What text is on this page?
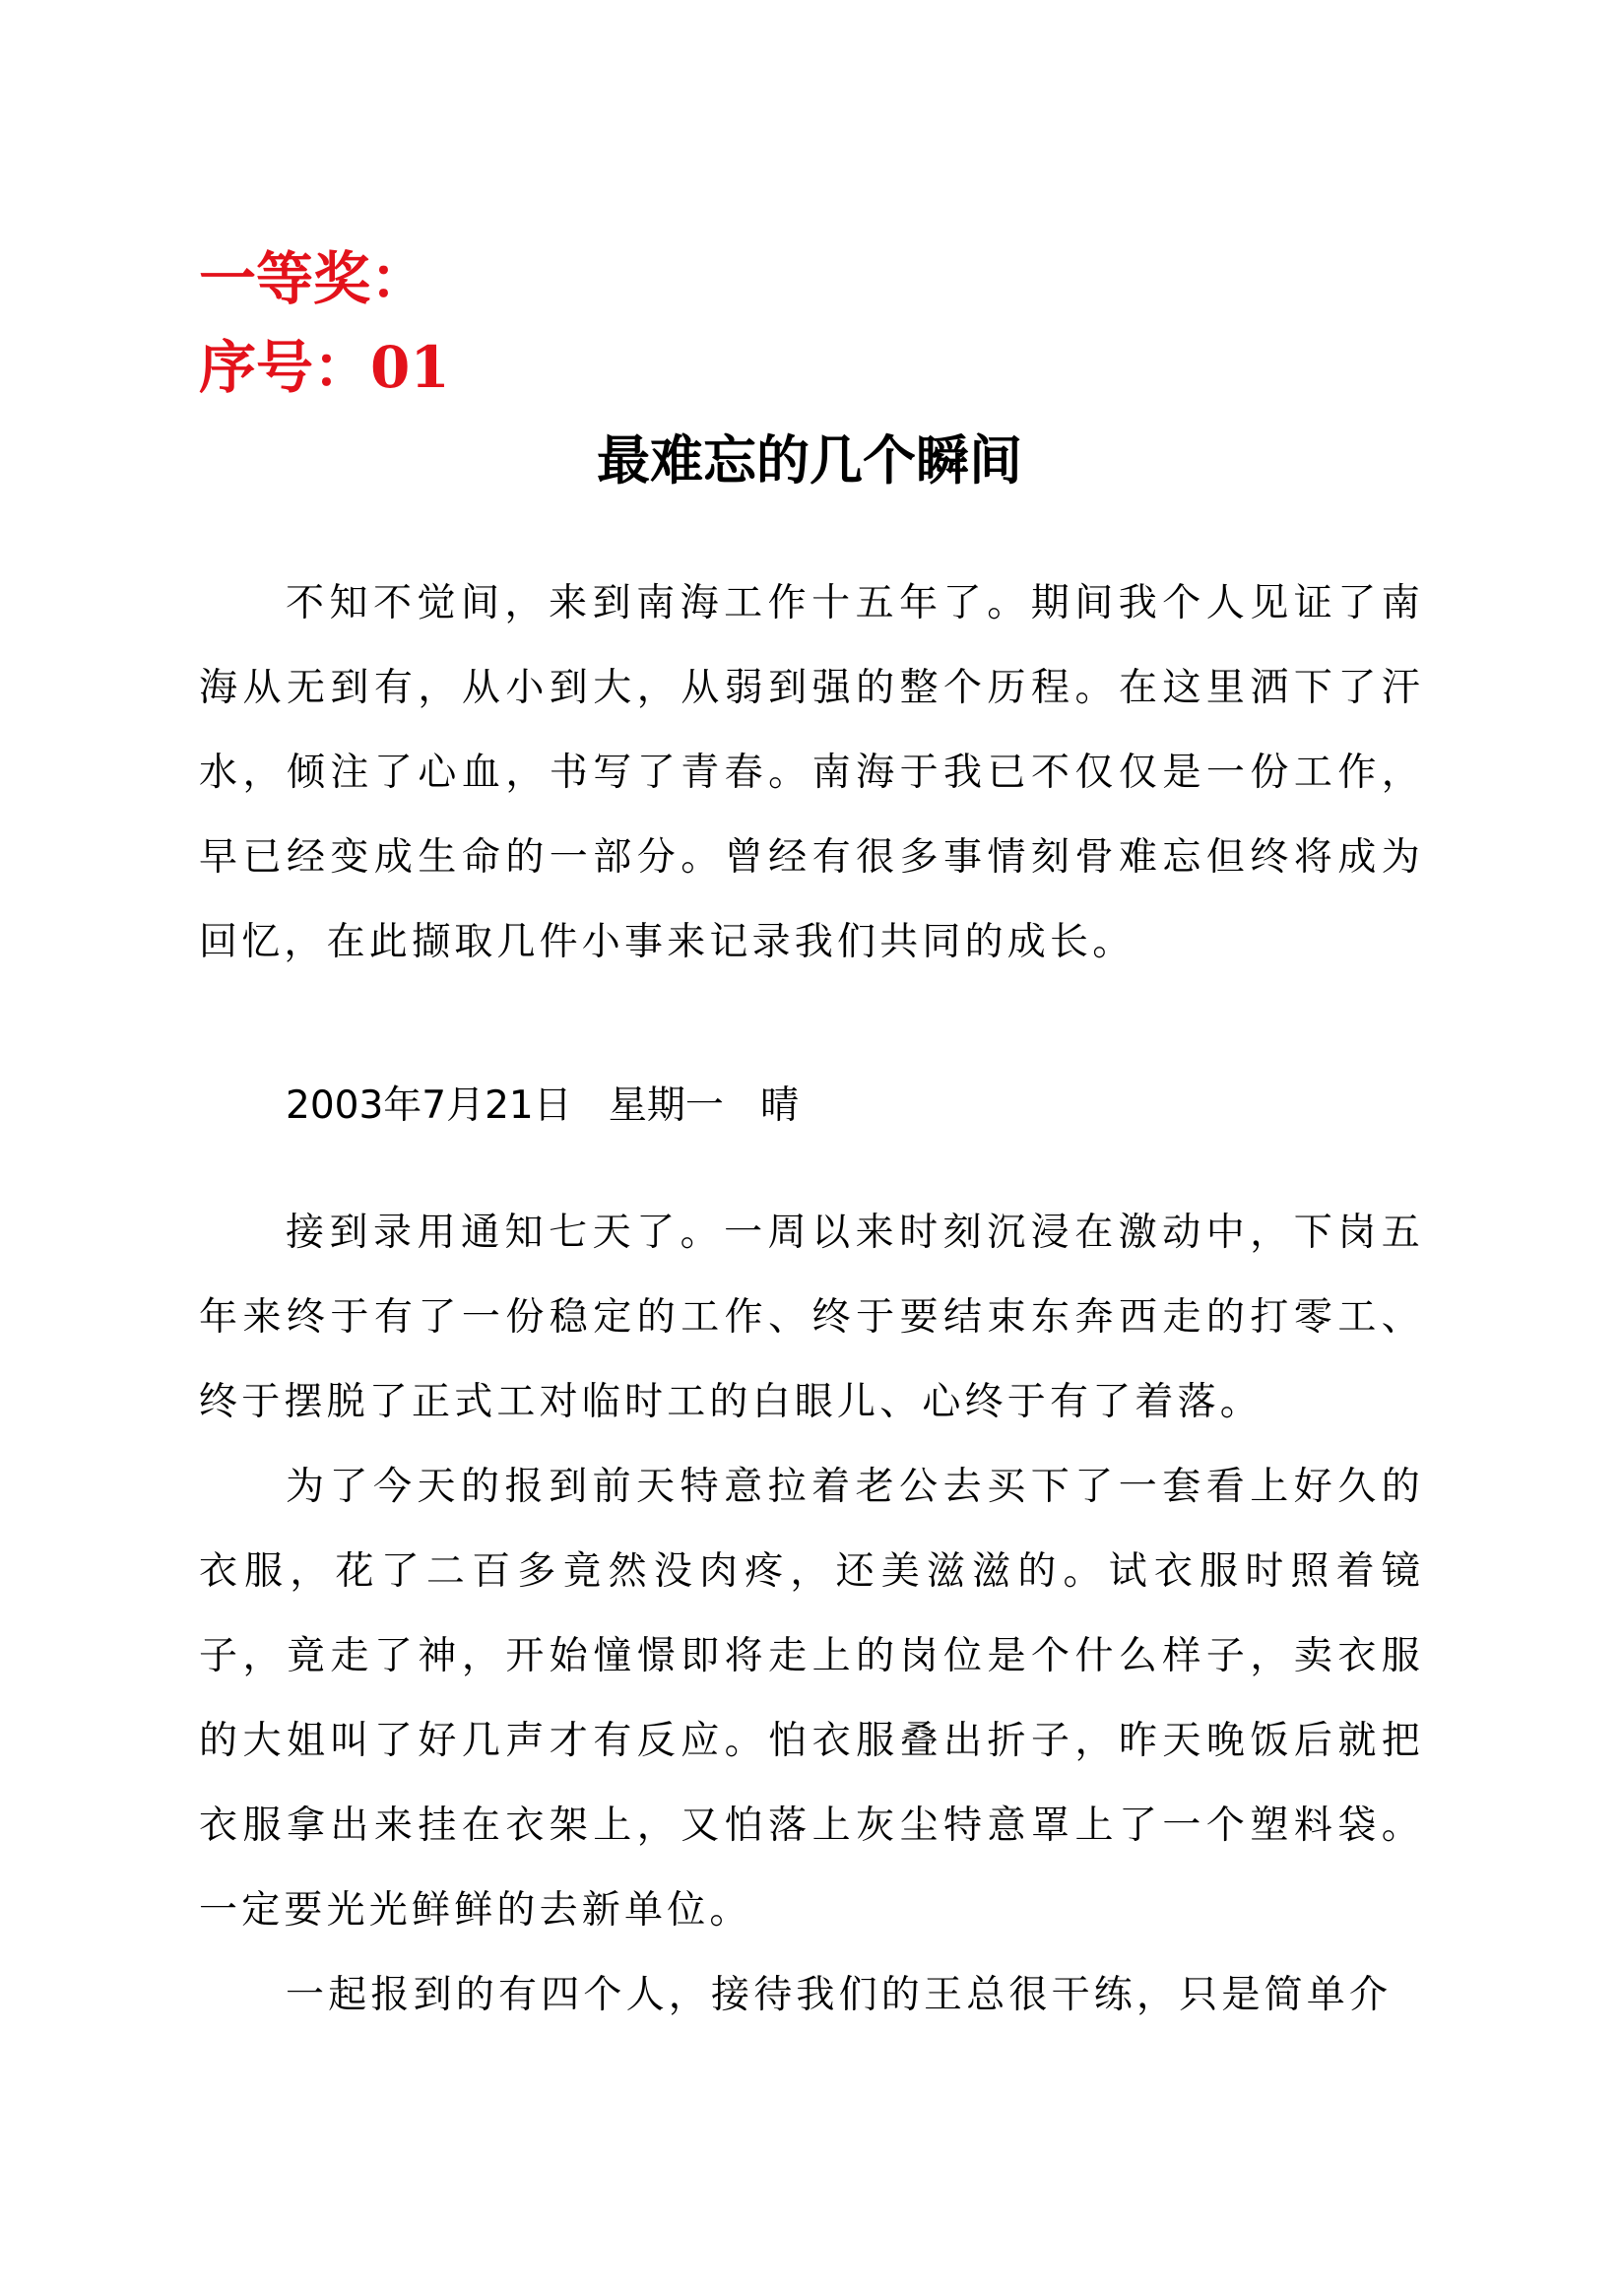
一等奖：
序号：01
最难忘的几个瞬间

不知不觉间，来到南海工作十五年了。期间我个人见证了南海从无到有，从小到大，从弱到强的整个历程。在这里洒下了汗水，倾注了心血，书写了青春。南海于我已不仅仅是一份工作，早已经变成生命的一部分。曾经有很多事情刻骨难忘但终将成为回忆，在此撷取几件小事来记录我们共同的成长。

2003年7月21日 星期一 晴

接到录用通知七天了。一周以来时刻沉浸在激动中，下岗五年来终于有了一份稳定的工作、终于要结束东奔西走的打零工、终于摆脱了正式工对临时工的白眼儿、心终于有了着落。

为了今天的报到前天特意拉着老公去买下了一套看上好久的衣服，花了二百多竟然没肉疼，还美滋滋的。试衣服时照着镜子，竟走了神，开始憧憬即将走上的岗位是个什么样子，卖衣服的大姐叫了好几声才有反应。怕衣服叠出折子，昨天晚饭后就把衣服拿出来挂在衣架上，又怕落上灰尘特意罩上了一个塑料袋。一定要光光鲜鲜的去新单位。

一起报到的有四个人，接待我们的王总很干练，只是简单介
